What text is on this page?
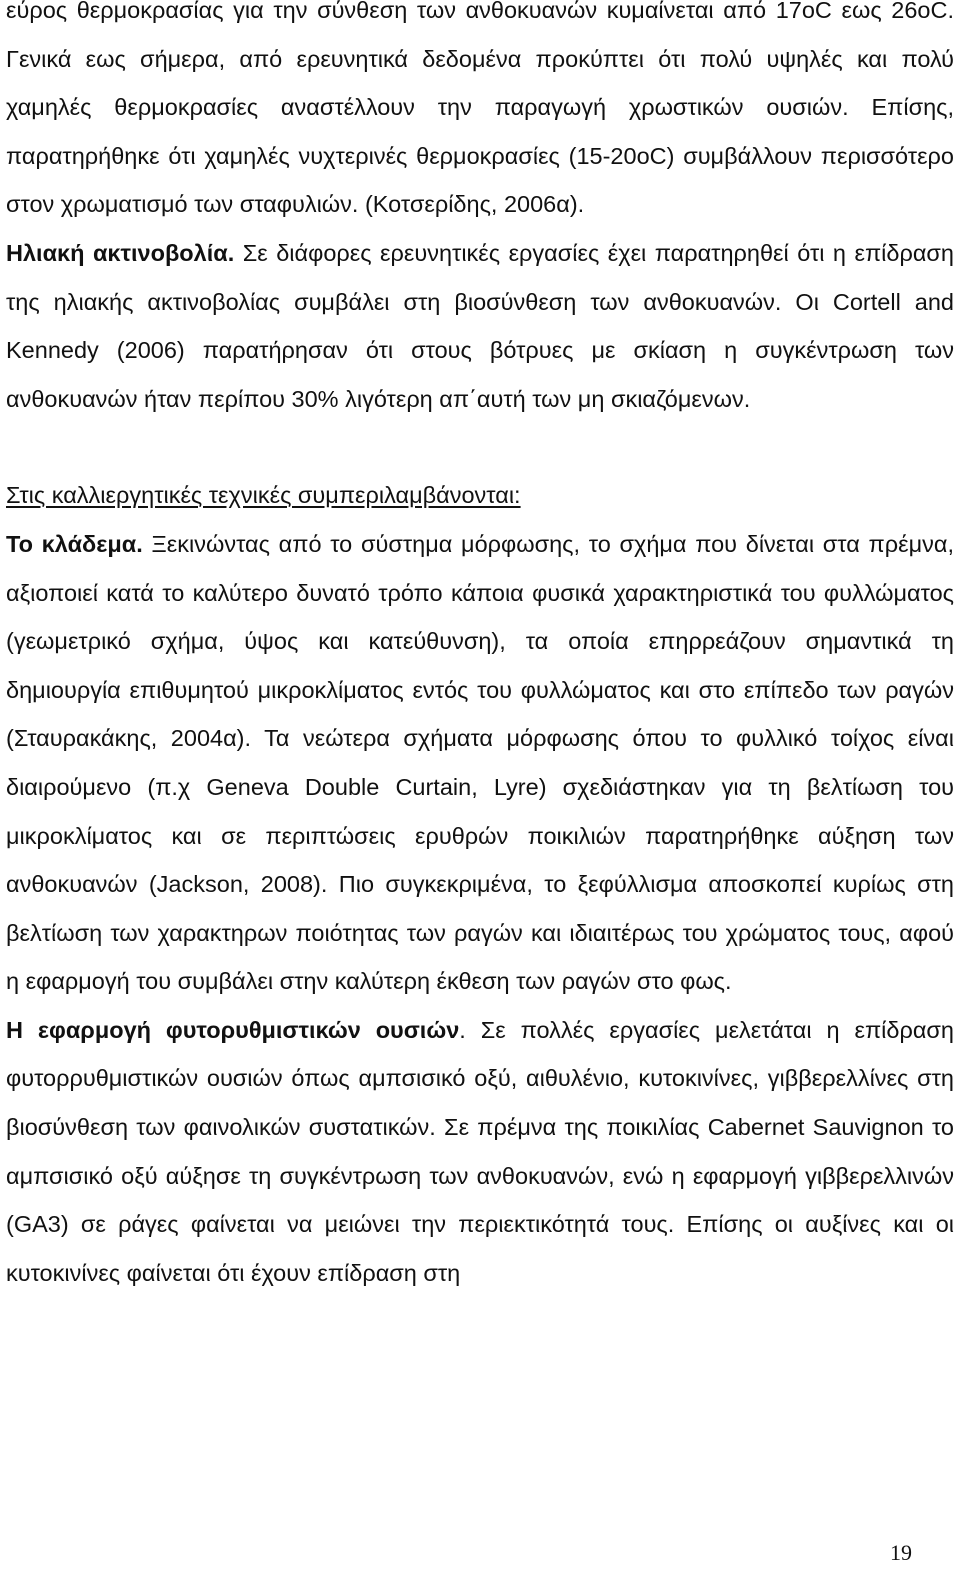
εύρος θερμοκρασίας για την σύνθεση των ανθοκυανών κυμαίνεται από 17oC εως 26oC. Γενικά εως σήμερα, από ερευνητικά δεδομένα προκύπτει ότι πολύ υψηλές και πολύ χαμηλές θερμοκρασίες αναστέλλουν την παραγωγή χρωστικών ουσιών. Επίσης, παρατηρήθηκε ότι χαμηλές νυχτερινές θερμοκρασίες (15-20oC) συμβάλλουν περισσότερο στον χρωματισμό των σταφυλιών. (Κοτσερίδης, 2006α).

Ηλιακή ακτινοβολία. Σε διάφορες ερευνητικές εργασίες έχει παρατηρηθεί ότι η επίδραση της ηλιακής ακτινοβολίας συμβάλει στη βιοσύνθεση των ανθοκυανών. Οι Cortell and Kennedy (2006) παρατήρησαν ότι στους βότρυες με σκίαση η συγκέντρωση των ανθοκυανών ήταν περίπου 30% λιγότερη απ΄αυτή των μη σκιαζόμενων.

Στις καλλιεργητικές τεχνικές συμπεριλαμβάνονται:

Το κλάδεμα. Ξεκινώντας από το σύστημα μόρφωσης, το σχήμα που δίνεται στα πρέμνα, αξιοποιεί κατά το καλύτερο δυνατό τρόπο κάποια φυσικά χαρακτηριστικά του φυλλώματος (γεωμετρικό σχήμα, ύψος και κατεύθυνση), τα οποία επηρρεάζουν σημαντικά τη δημιουργία επιθυμητού μικροκλίματος εντός του φυλλώματος και στο επίπεδο των ραγών (Σταυρακάκης, 2004α). Τα νεώτερα σχήματα μόρφωσης όπου το φυλλικό τοίχος είναι διαιρούμενο (π.χ Geneva Double Curtain, Lyre) σχεδιάστηκαν για τη βελτίωση του μικροκλίματος και σε περιπτώσεις ερυθρών ποικιλιών παρατηρήθηκε αύξηση των ανθοκυανών (Jackson, 2008). Πιο συγκεκριμένα, το ξεφύλλισμα αποσκοπεί κυρίως στη βελτίωση των χαρακτηρων ποιότητας των ραγών και ιδιαιτέρως του χρώματος τους, αφού η εφαρμογή του συμβάλει στην καλύτερη έκθεση των ραγών στο φως.

Η εφαρμογή φυτορυθμιστικών ουσιών. Σε πολλές εργασίες μελετάται η επίδραση φυτορρυθμιστικών ουσιών όπως αμπσισικό οξύ, αιθυλένιο, κυτοκινίνες, γιββερελλίνες στη βιοσύνθεση των φαινολικών συστατικών. Σε πρέμνα της ποικιλίας Cabernet Sauvignon το αμπσισικό οξύ αύξησε τη συγκέντρωση των ανθοκυανών, ενώ η εφαρμογή γιββερελλινών (GA3) σε ράγες φαίνεται να μειώνει την περιεκτικότητά τους. Επίσης οι αυξίνες και οι κυτοκινίνες φαίνεται ότι έχουν επίδραση στη

19
